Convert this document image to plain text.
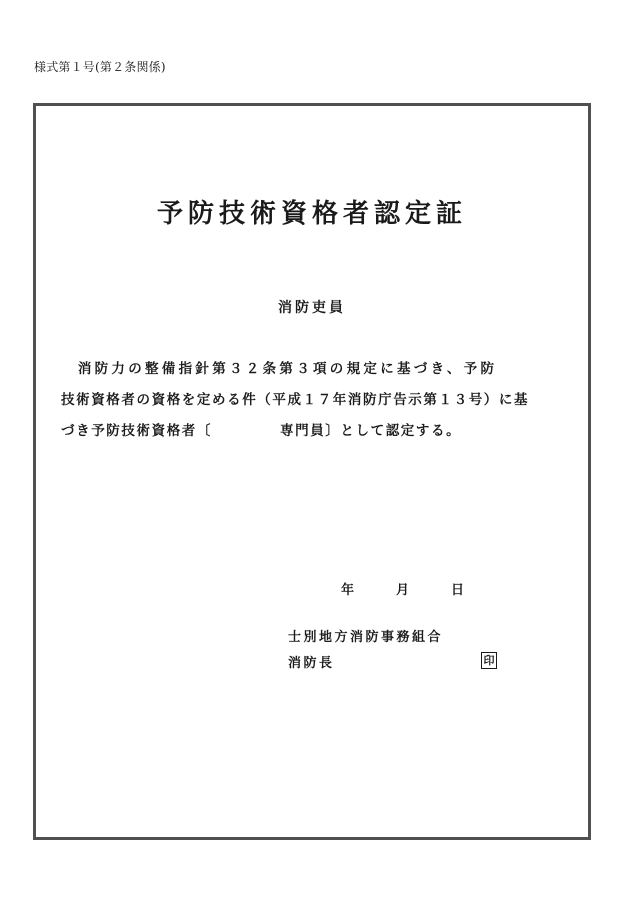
様式第１号(第２条関係)
予防技術資格者認定証
消防吏員
　消防力の整備指針第３２条第３項の規定に基づき、予防
技術資格者の資格を定める件（平成１７年消防庁告示第１３号）に基
づき予防技術資格者〔	専門員〕として認定する。
年	月	日
士別地方消防事務組合
消防長	印
